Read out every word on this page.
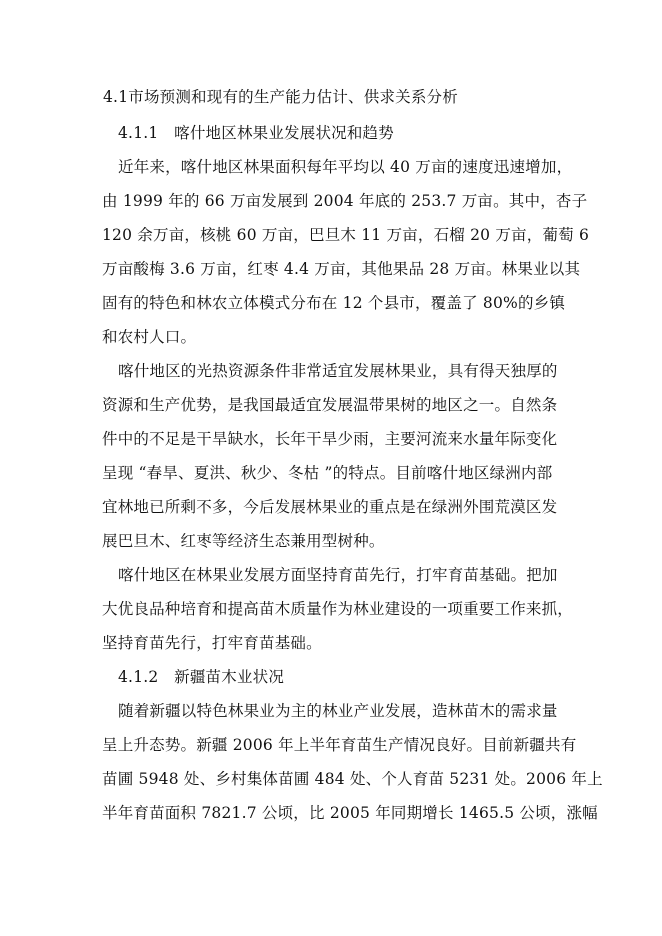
4.1市场预测和现有的生产能力估计、供求关系分析
4.1.1　喀什地区林果业发展状况和趋势
近年来，喀什地区林果面积每年平均以 40 万亩的速度迅速增加，
由 1999 年的 66 万亩发展到 2004 年底的 253.7 万亩。其中，杏子
120 余万亩，核桃 60 万亩，巴旦木 11 万亩，石榴 20 万亩，葡萄 6
万亩酸梅 3.6 万亩，红枣 4.4 万亩，其他果品 28 万亩。林果业以其
固有的特色和林农立体模式分布在 12 个县市，覆盖了 80%的乡镇
和农村人口。
喀什地区的光热资源条件非常适宜发展林果业，具有得天独厚的
资源和生产优势，是我国最适宜发展温带果树的地区之一。自然条
件中的不足是干旱缺水，长年干旱少雨，主要河流来水量年际变化
呈现 “春旱、夏洪、秋少、冬枯 ”的特点。目前喀什地区绿洲内部
宜林地已所剩不多，今后发展林果业的重点是在绿洲外围荒漠区发
展巴旦木、红枣等经济生态兼用型树种。
喀什地区在林果业发展方面坚持育苗先行，打牢育苗基础。把加
大优良品种培育和提高苗木质量作为林业建设的一项重要工作来抓，
坚持育苗先行，打牢育苗基础。
4.1.2　新疆苗木业状况
随着新疆以特色林果业为主的林业产业发展，造林苗木的需求量
呈上升态势。新疆 2006 年上半年育苗生产情况良好。目前新疆共有
苗圃 5948 处、乡村集体苗圃 484 处、个人育苗 5231 处。2006 年上
半年育苗面积 7821.7 公顷，比 2005 年同期增长 1465.5 公顷，涨幅
